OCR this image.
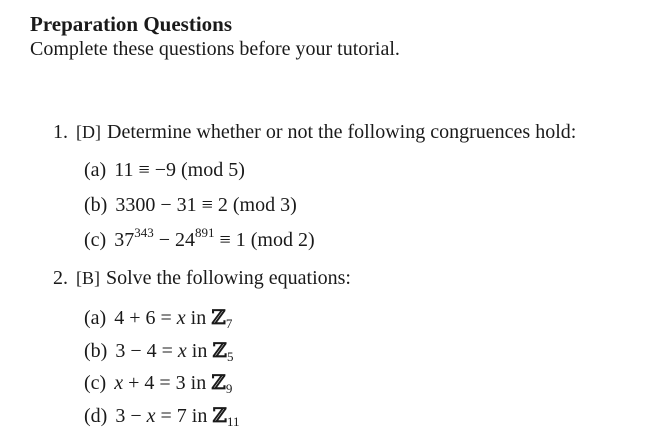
Preparation Questions
Complete these questions before your tutorial.
1. [D] Determine whether or not the following congruences hold:
(a) 11 ≡ −9 (mod 5)
(b) 3300 − 31 ≡ 2 (mod 3)
(c) $37^{343} - 24^{891} \equiv 1$ (mod 2)
2. [B] Solve the following equations:
(a) 4 + 6 = x in ℤ$_7$
(b) 3 − 4 = x in ℤ$_5$
(c) x + 4 = 3 in ℤ$_9$
(d) 3 − x = 7 in ℤ$_{11}$
